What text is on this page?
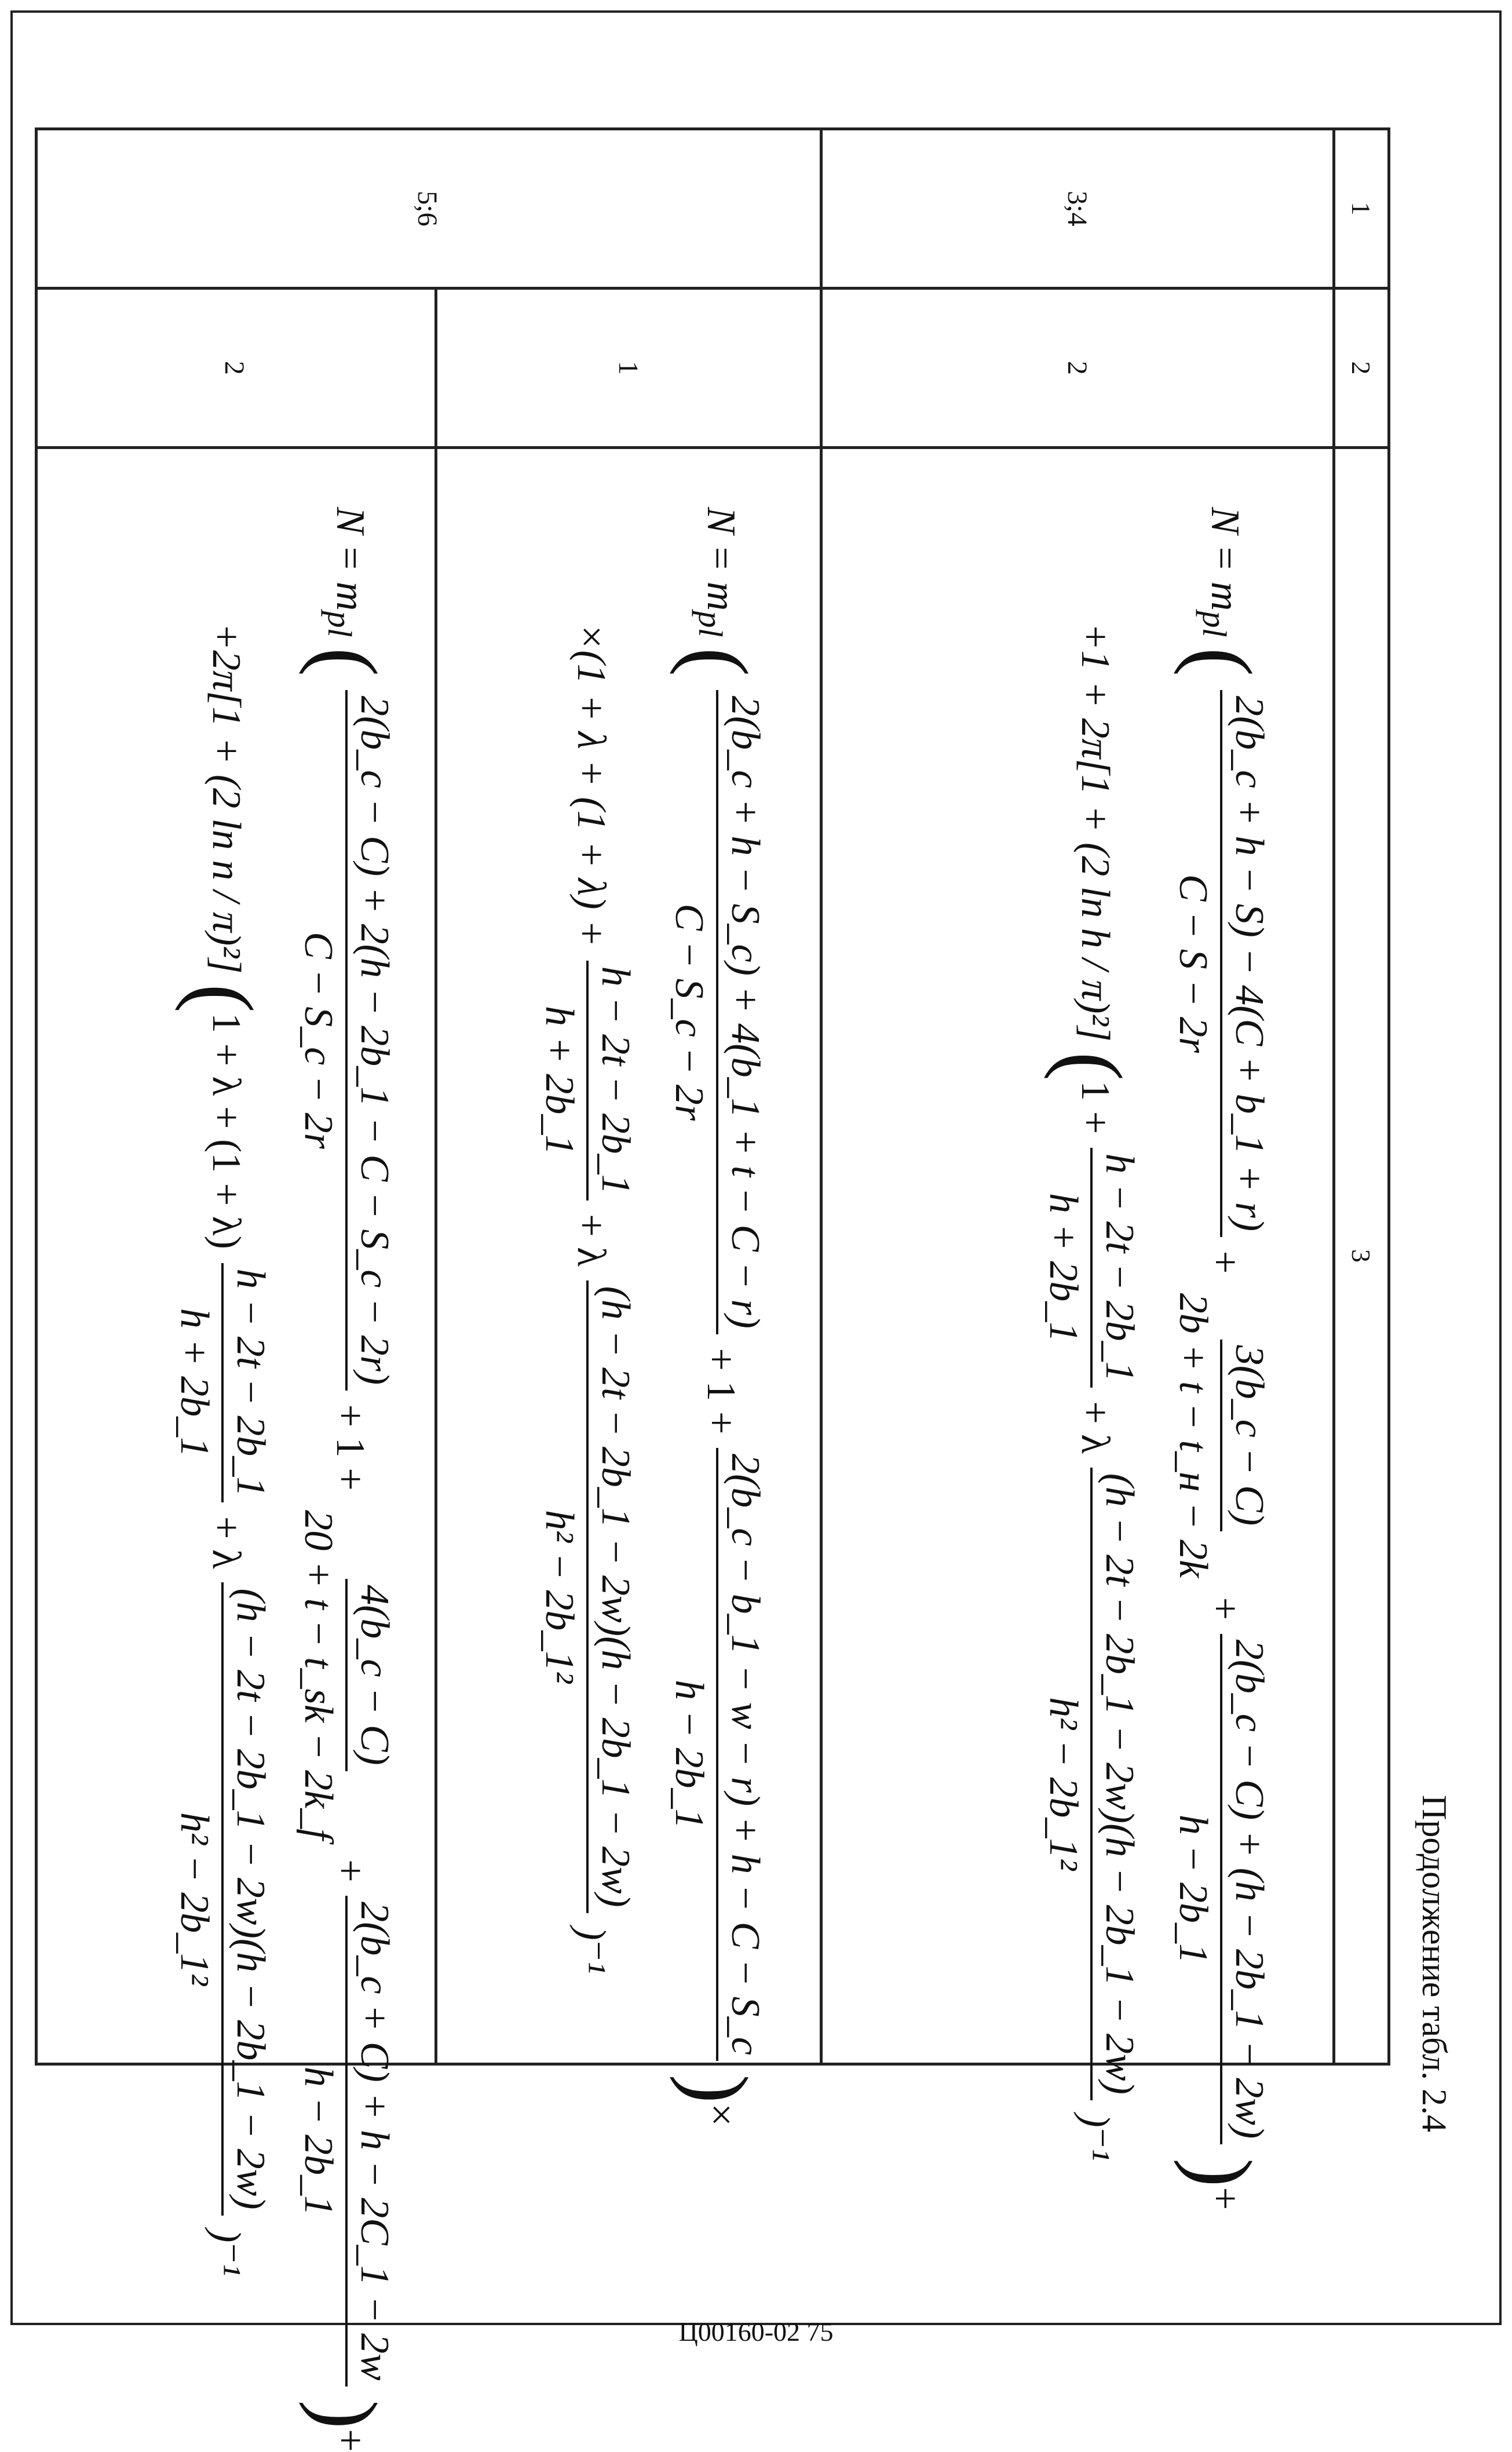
Продолжение табл. 2.4
1
2
3
3;4
2
$N = m_{pl}$ (
2(b_c + h − S) − 4(C + b_1 + r)
C − S − 2r
+
3(b_c − C)
2b + t − t_н − 2k
+
2(b_c − C) + (h − 2b_1 − 2w)
h − 2b_1
)+
+1 + 2π[1 + (2 ln h / π)²] (1 +
h − 2t − 2b_1
h + 2b_1
+ λ
(h − 2t − 2b_1 − 2w)(h − 2b_1 − 2w)
h² − 2b_1²
)⁻¹
5;6
1
$N = m_{pl}$ (
2(b_c + h − S_c) + 4(b_1 + t − C − r)
C − S_c − 2r
+ 1 +
2(b_c − b_1 − w − r) + h − C − S_c
h − 2b_1
)×
×(1 + λ + (1 + λ) +
h − 2t − 2b_1
h + 2b_1
+ λ
(h − 2t − 2b_1 − 2w)(h − 2b_1 − 2w)
h² − 2b_1²
)⁻¹
2
$N = m_{pl}$ (
2(b_c − C) + 2(h − 2b_1 − C − S_c − 2r)
C − S_c − 2r
+ 1 +
4(b_c − C)
20 + t − t_sk − 2k_f
+
2(b_c + C) + h − 2C_1 − 2w
h − 2b_1
)+
+2π[1 + (2 ln n / π)²] (1 + λ + (1 + λ)
h − 2t − 2b_1
h + 2b_1
+ λ
(h − 2t − 2b_1 − 2w)(h − 2b_1 − 2w)
h² − 2b_1²
)⁻¹
Ц00160-02 75
